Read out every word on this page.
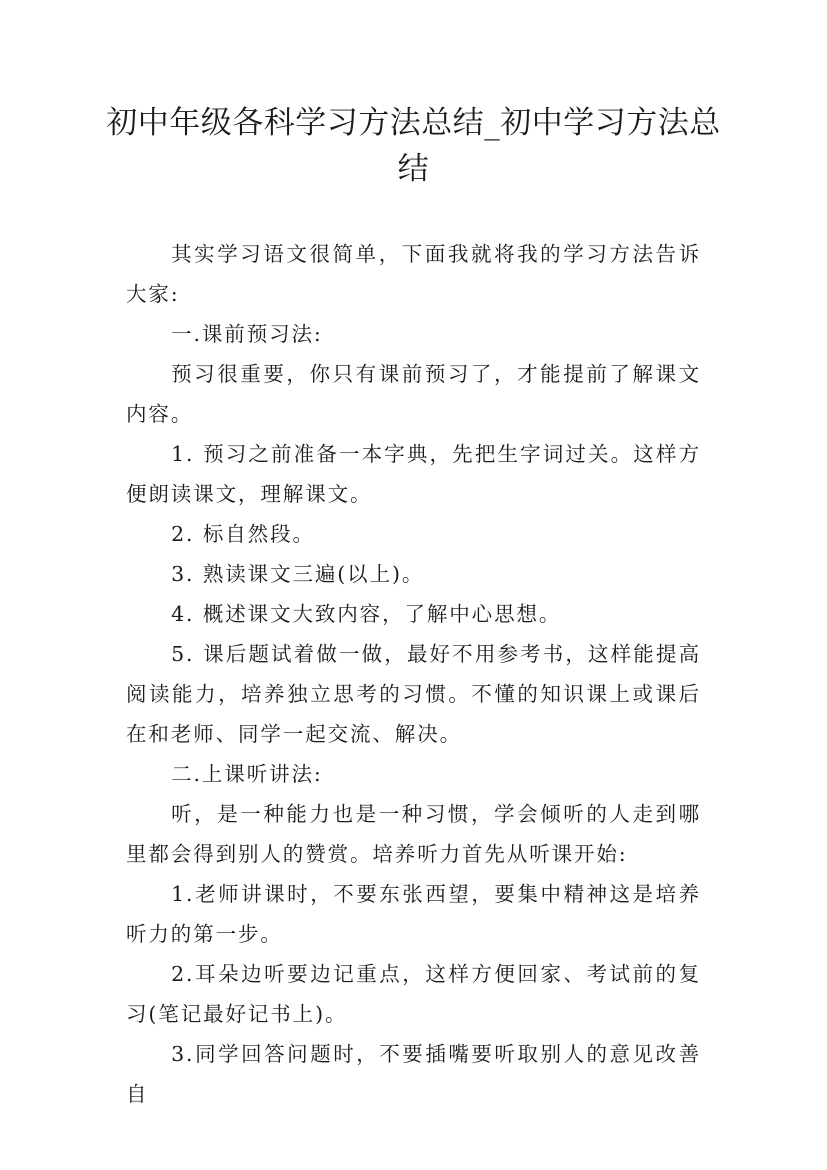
初中年级各科学习方法总结_初中学习方法总结

其实学习语文很简单，下面我就将我的学习方法告诉大家:

一.课前预习法:

预习很重要，你只有课前预习了，才能提前了解课文内容。

1. 预习之前准备一本字典，先把生字词过关。这样方便朗读课文，理解课文。

2. 标自然段。

3. 熟读课文三遍(以上)。

4. 概述课文大致内容，了解中心思想。

5. 课后题试着做一做，最好不用参考书，这样能提高阅读能力，培养独立思考的习惯。不懂的知识课上或课后在和老师、同学一起交流、解决。

二.上课听讲法:

听，是一种能力也是一种习惯，学会倾听的人走到哪里都会得到别人的赞赏。培养听力首先从听课开始:

1.老师讲课时，不要东张西望，要集中精神这是培养听力的第一步。

2.耳朵边听要边记重点，这样方便回家、考试前的复习(笔记最好记书上)。

3.同学回答问题时，不要插嘴要听取别人的意见改善自
